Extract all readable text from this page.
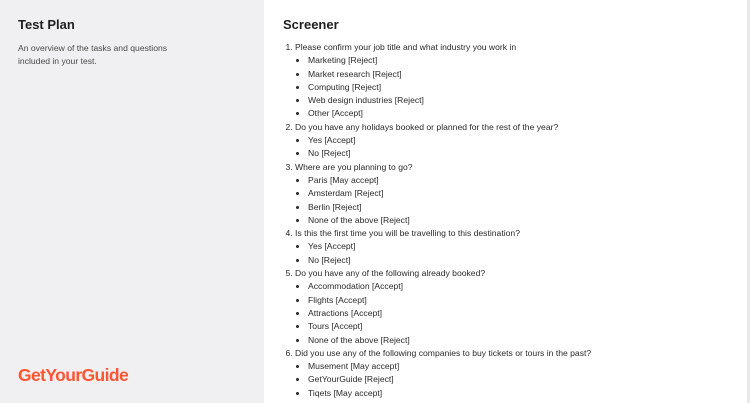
Test Plan
An overview of the tasks and questions included in your test.
GetYourGuide
Screener
1. Please confirm your job title and what industry you work in
• Marketing [Reject]
• Market research [Reject]
• Computing [Reject]
• Web design industries [Reject]
• Other [Accept]
2. Do you have any holidays booked or planned for the rest of the year?
• Yes [Accept]
• No [Reject]
3. Where are you planning to go?
• Paris [May accept]
• Amsterdam [Reject]
• Berlin [Reject]
• None of the above [Reject]
4. Is this the first time you will be travelling to this destination?
• Yes [Accept]
• No [Reject]
5. Do you have any of the following already booked?
• Accommodation [Accept]
• Flights [Accept]
• Attractions [Accept]
• Tours [Accept]
• None of the above [Reject]
6. Did you use any of the following companies to buy tickets or tours in the past?
• Musement [May accept]
• GetYourGuide [Reject]
• Tiqets [May accept]
